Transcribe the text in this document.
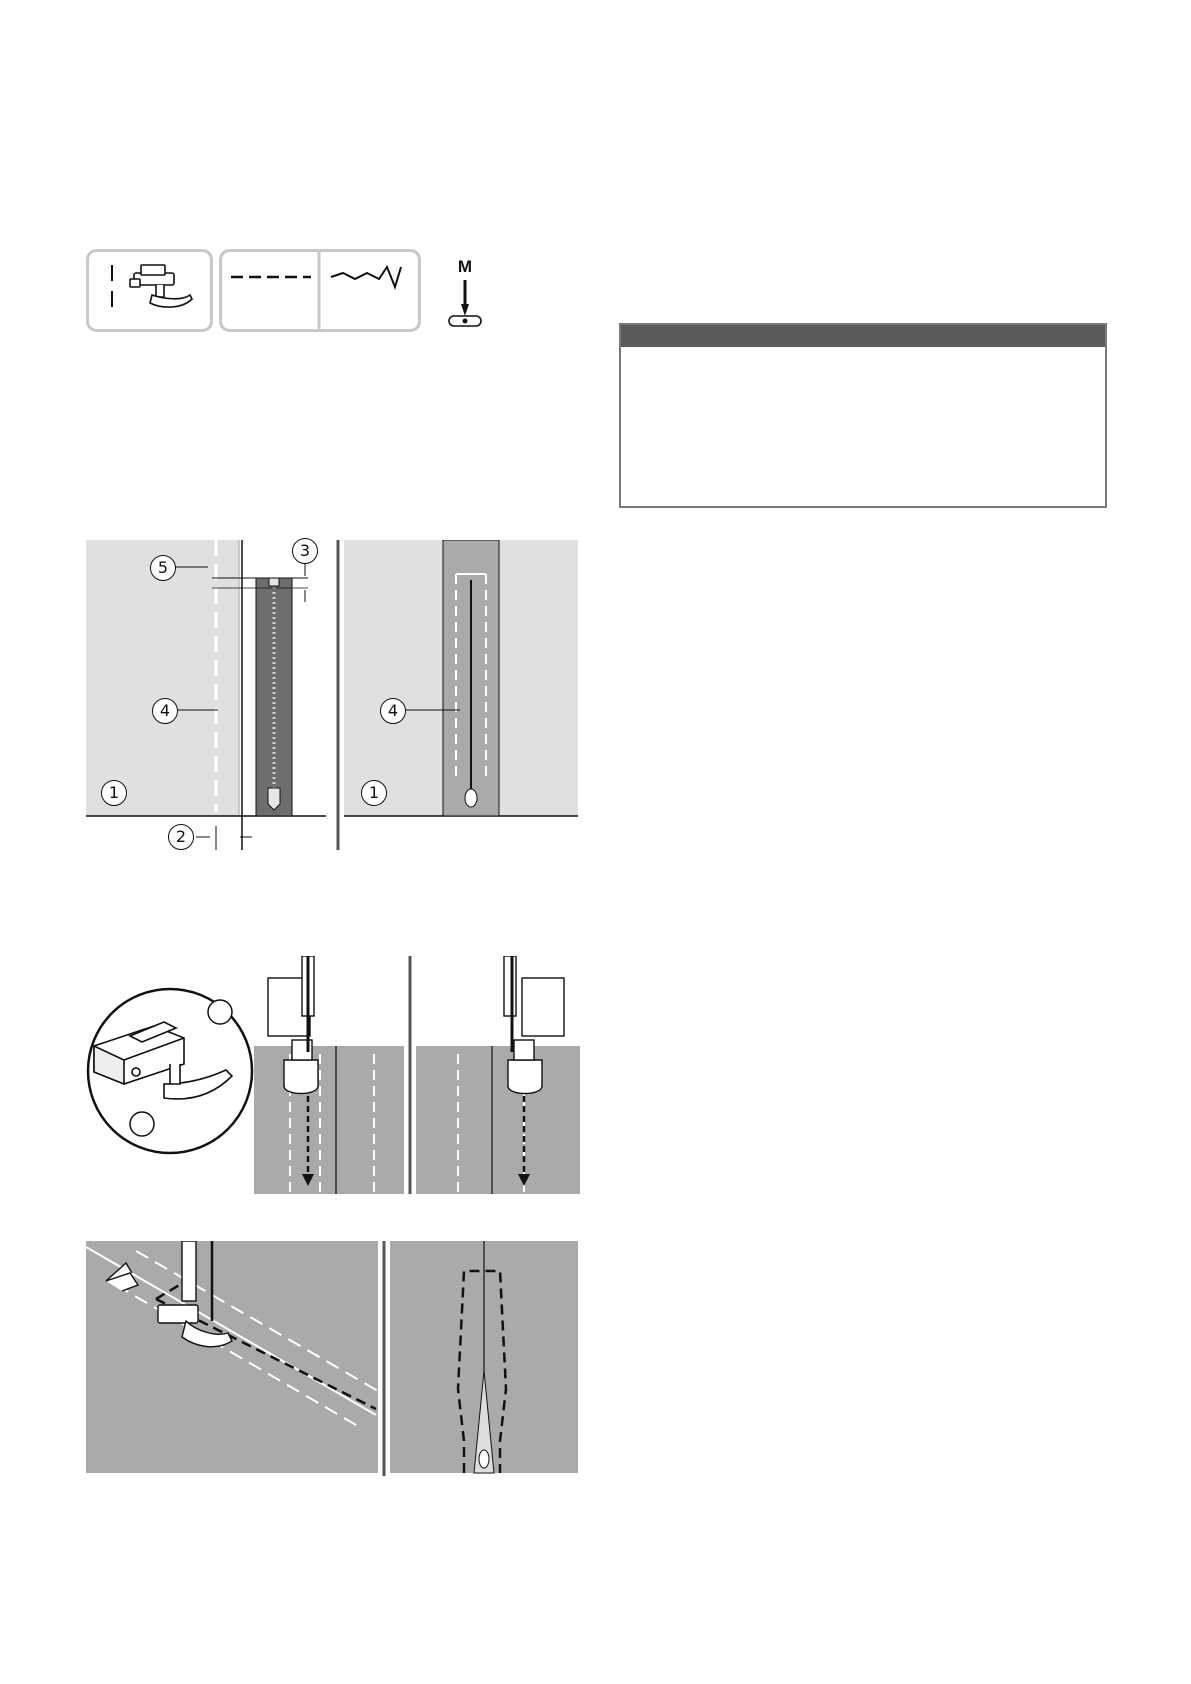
M
5
3
4
1
2
4
1
